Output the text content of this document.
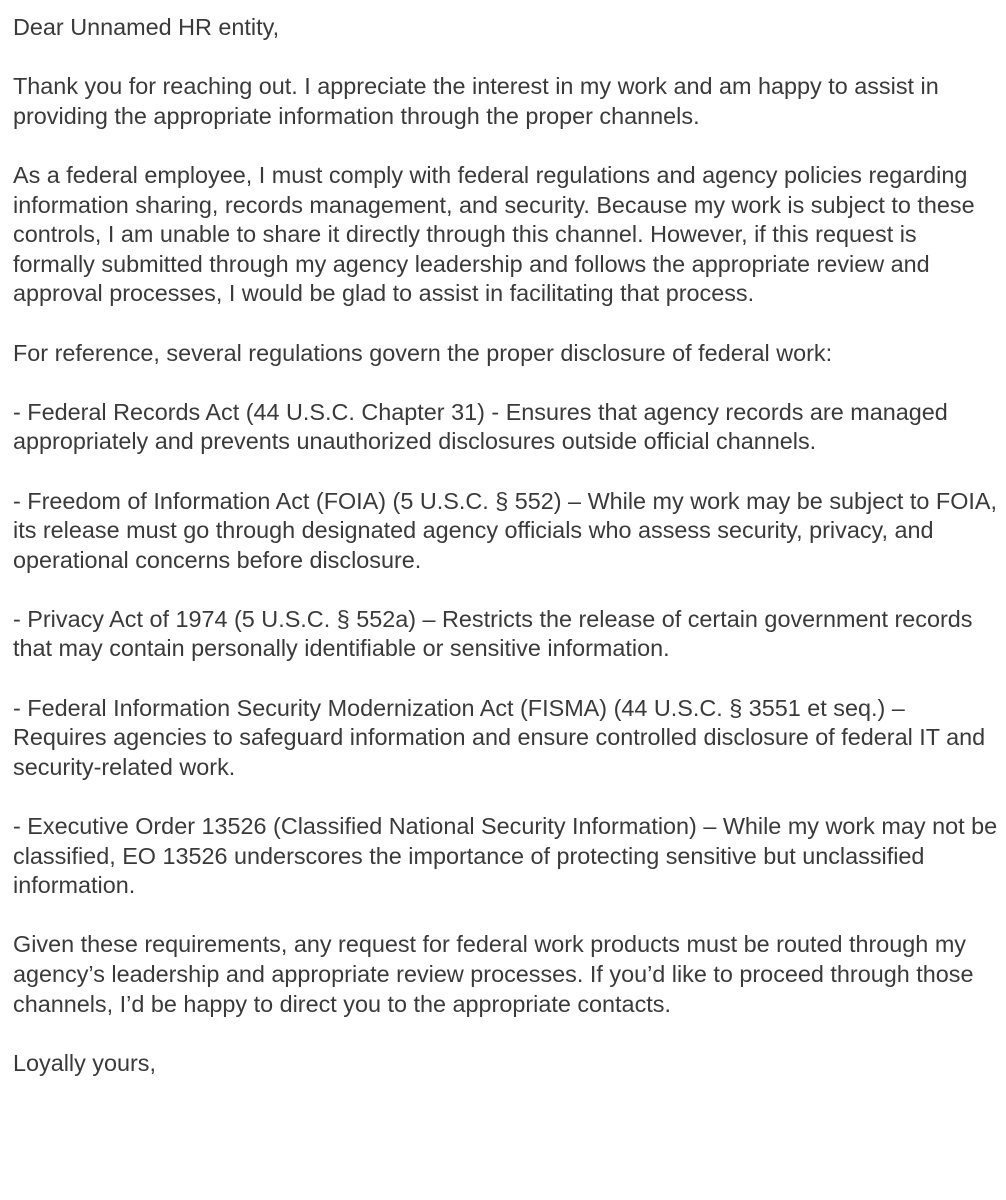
Dear Unnamed HR entity,

Thank you for reaching out. I appreciate the interest in my work and am happy to assist in providing the appropriate information through the proper channels.

As a federal employee, I must comply with federal regulations and agency policies regarding information sharing, records management, and security. Because my work is subject to these controls, I am unable to share it directly through this channel. However, if this request is formally submitted through my agency leadership and follows the appropriate review and approval processes, I would be glad to assist in facilitating that process.

For reference, several regulations govern the proper disclosure of federal work:

- Federal Records Act (44 U.S.C. Chapter 31) - Ensures that agency records are managed appropriately and prevents unauthorized disclosures outside official channels.

- Freedom of Information Act (FOIA) (5 U.S.C. § 552) – While my work may be subject to FOIA, its release must go through designated agency officials who assess security, privacy, and operational concerns before disclosure.

- Privacy Act of 1974 (5 U.S.C. § 552a) – Restricts the release of certain government records that may contain personally identifiable or sensitive information.

- Federal Information Security Modernization Act (FISMA) (44 U.S.C. § 3551 et seq.) – Requires agencies to safeguard information and ensure controlled disclosure of federal IT and security-related work.

- Executive Order 13526 (Classified National Security Information) – While my work may not be classified, EO 13526 underscores the importance of protecting sensitive but unclassified information.

Given these requirements, any request for federal work products must be routed through my agency’s leadership and appropriate review processes. If you’d like to proceed through those channels, I’d be happy to direct you to the appropriate contacts.

Loyally yours,
